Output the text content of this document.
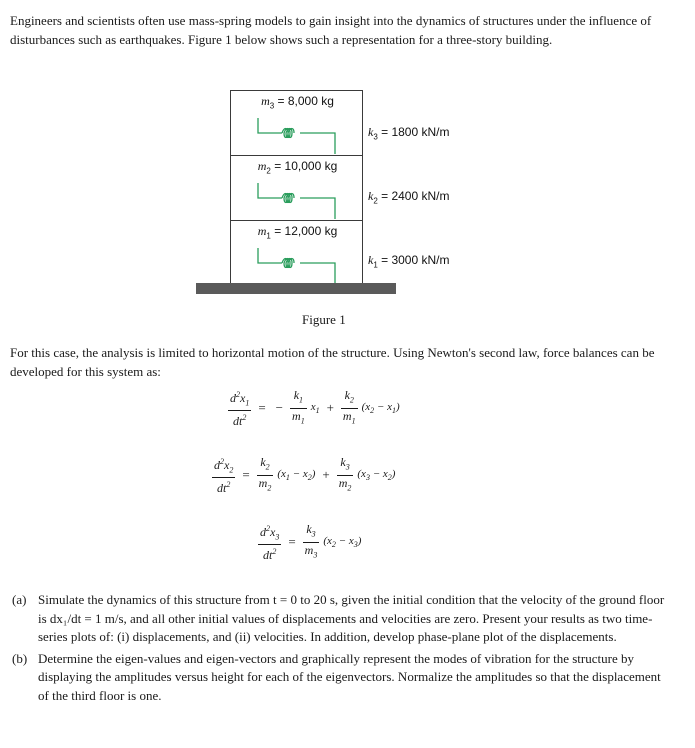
Engineers and scientists often use mass-spring models to gain insight into the dynamics of structures under the influence of disturbances such as earthquakes. Figure 1 below shows such a representation for a three-story building.

$m_3 = 8,000$ kg
$m_2 = 10,000$ kg
$m_1 = 12,000$ kg
$k_3 = 1800$ kN/m
$k_2 = 2400$ kN/m
$k_1 = 3000$ kN/m
Figure 1

For this case, the analysis is limited to horizontal motion of the structure. Using Newton's second law, force balances can be developed for this system as:

$\frac{d^2x_1}{dt^2}$ = − $\frac{k_1}{m_1} x_1 + \frac{k_2}{m_1} (x_2 - x_1)$
$\frac{d^2x_2}{dt^2} = \frac{k_2}{m_2} (x_1 - x_2) + \frac{k_3}{m_2} (x_3 - x_2)$
$\frac{d^2x_3}{dt^2} = \frac{k_3}{m_3} (x_2 - x_3)$
(a) Simulate the dynamics of this structure from t = 0 to 20 s, given the initial condition that the velocity of the ground floor is dx₁/dt = 1 m/s, and all other initial values of displacements and velocities are zero. Present your results as two time-series plots of: (i) displacements, and (ii) velocities. In addition, develop phase-plane plot of the displacements.
(b) Determine the eigen-values and eigen-vectors and graphically represent the modes of vibration for the structure by displaying the amplitudes versus height for each of the eigenvectors. Normalize the amplitudes so that the displacement of the third floor is one.
